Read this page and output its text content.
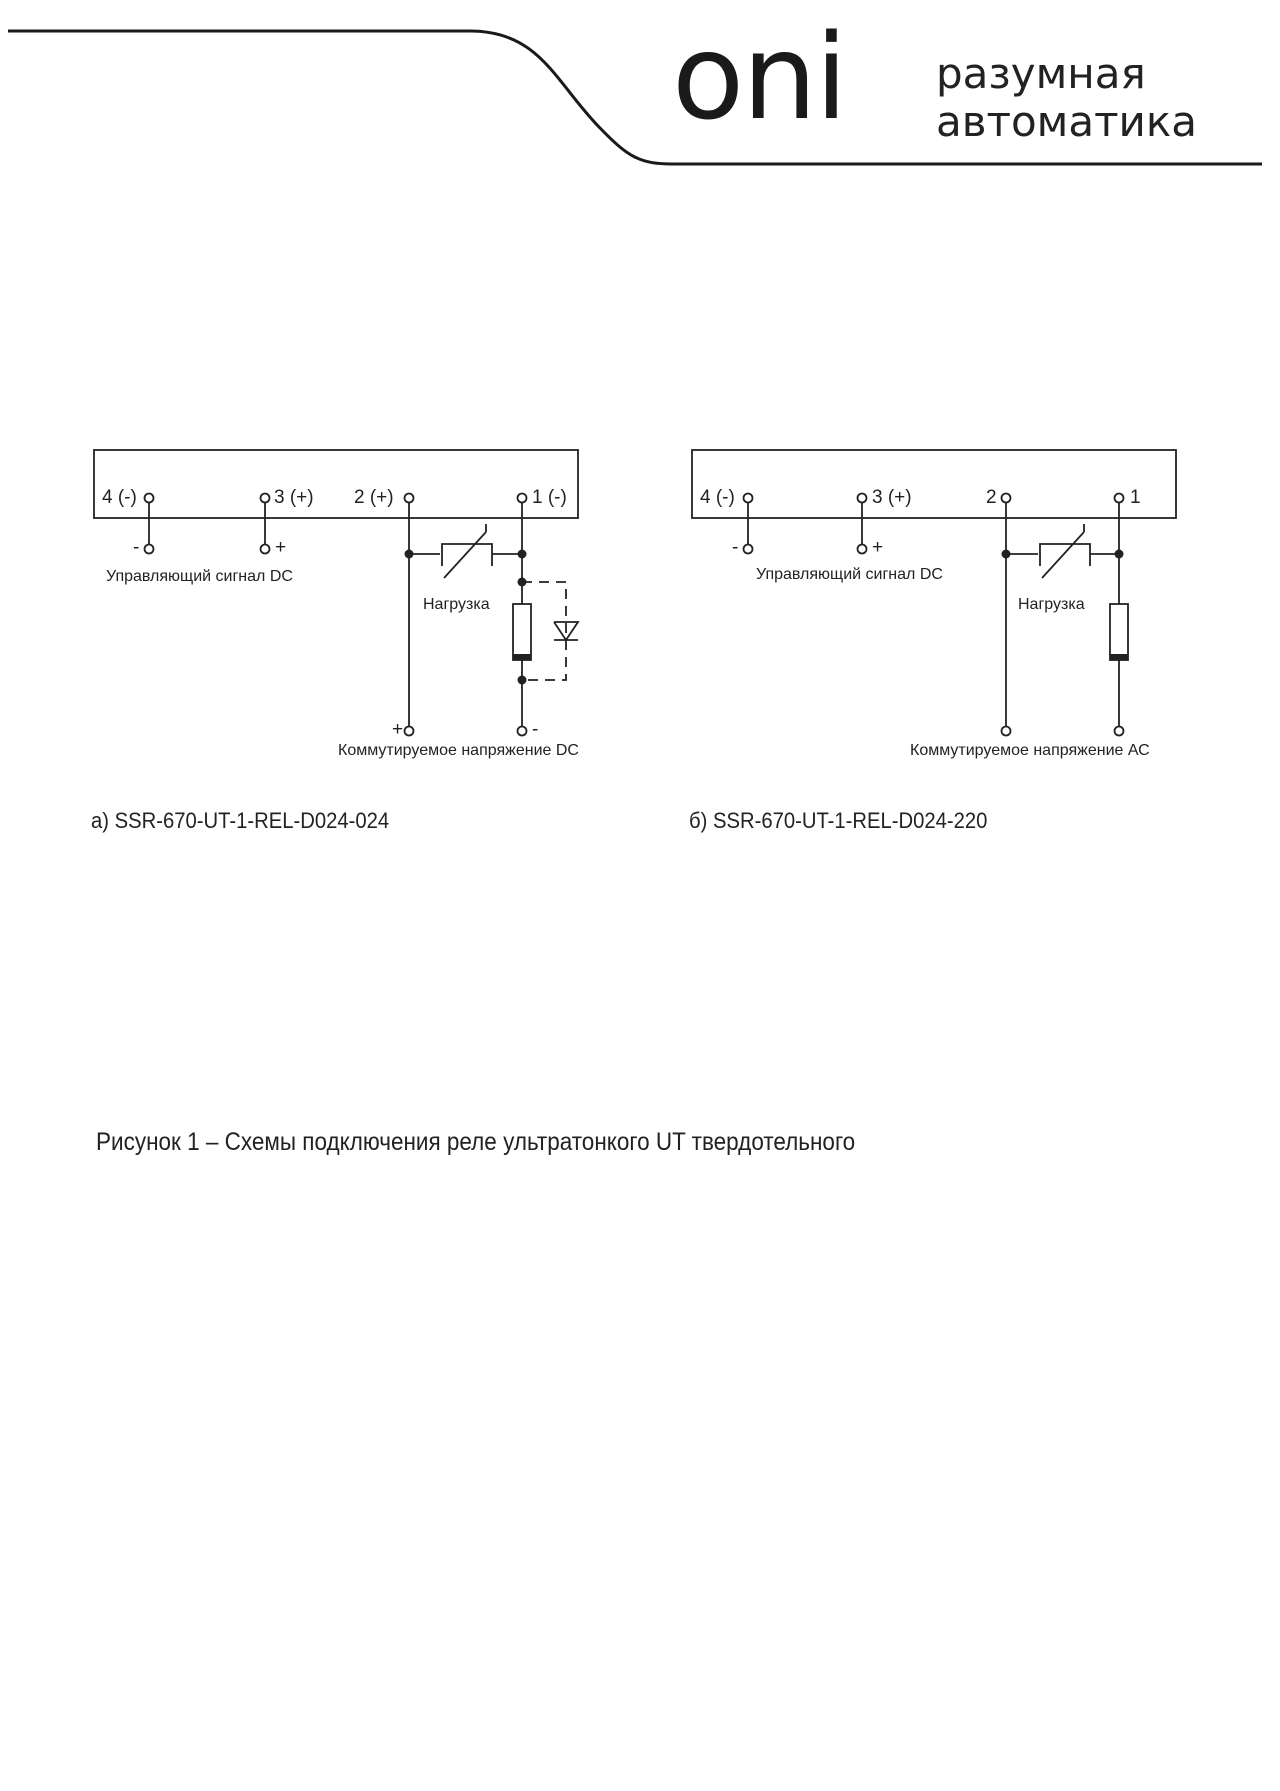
oni разумная
автоматика
4 (-)	3 (+) 2 (+)	1 (-)
-	+
Управляющий сигнал DC
Нагрузка
+	-
Коммутируемое напряжение DC
а) SSR-670-UT-1-REL-D024-024
4 (-)	3 (+)	2	1
-	+
Управляющий сигнал DC
Нагрузка
Коммутируемое напряжение АС
б) SSR-670-UT-1-REL-D024-220
Рисунок 1 – Схемы подключения реле ультратонкого UT твердотельного
